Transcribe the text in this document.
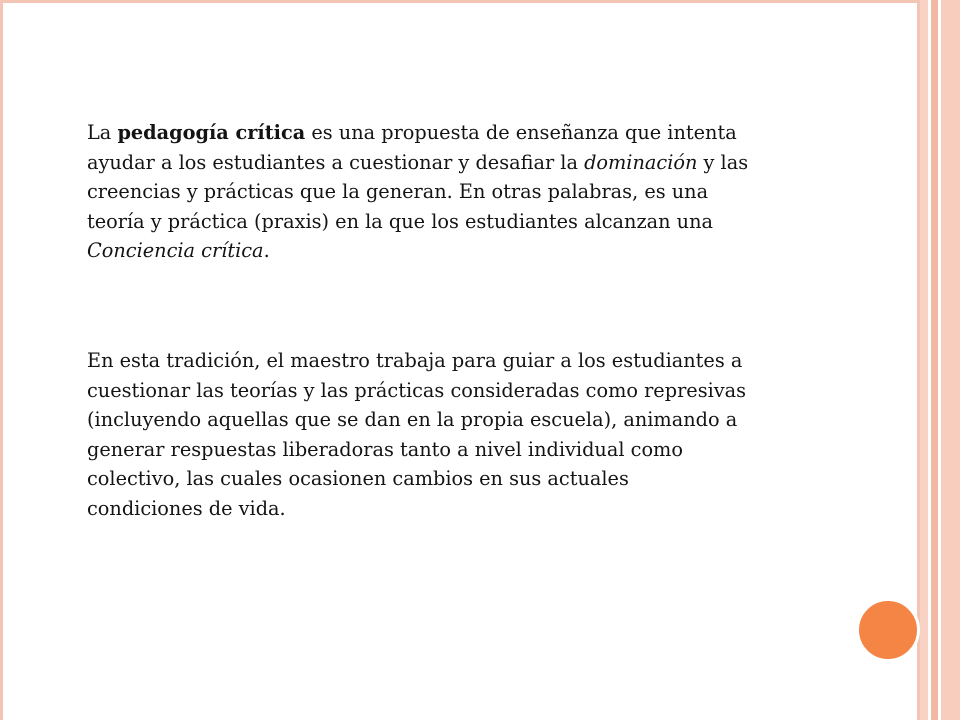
La pedagogía crítica es una propuesta de enseñanza que intenta ayudar a los estudiantes a cuestionar y desafiar la dominación y las creencias y prácticas que la generan. En otras palabras, es una teoría y práctica (praxis) en la que los estudiantes alcanzan una Conciencia crítica.

En esta tradición, el maestro trabaja para guiar a los estudiantes a cuestionar las teorías y las prácticas consideradas como represivas (incluyendo aquellas que se dan en la propia escuela), animando a generar respuestas liberadoras tanto a nivel individual como colectivo, las cuales ocasionen cambios en sus actuales condiciones de vida.
